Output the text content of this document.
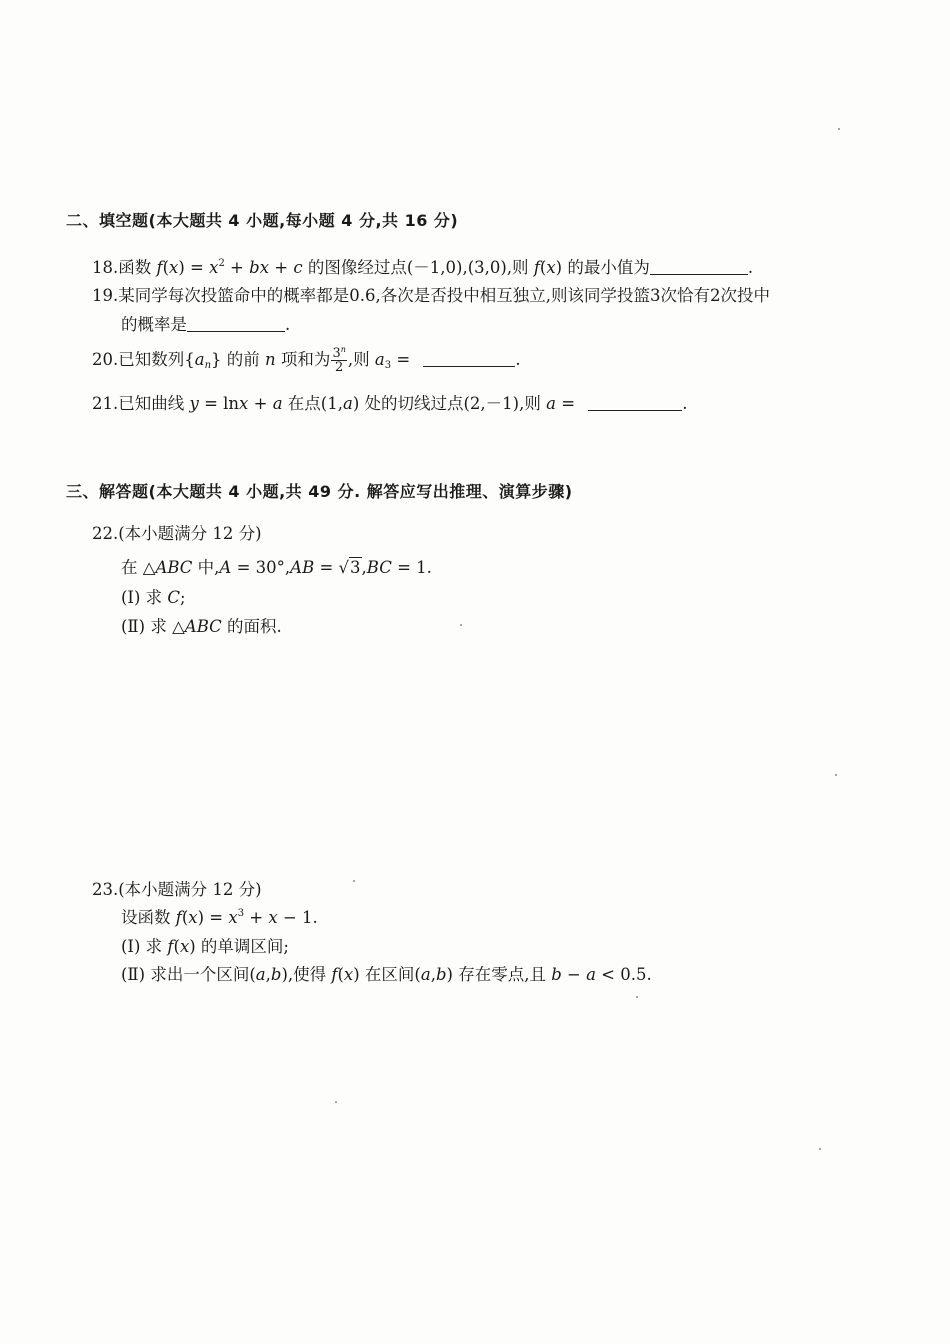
二、填空题(本大题共 4 小题,每小题 4 分,共 16 分)
18.函数 $f(x) = x^2$ + bx + c 的图像经过点(－1,0),(3,0),则 f(x) 的最小值为	.
19.某同学每次投篮命中的概率都是0.6,各次是否投中相互独立,则该同学投篮3次恰有2次投中
的概率是	.
20.已知数列$\{a_n\}$ 的前 n 项和为 $\frac{3^n}{2}$ ,则 $a_3$ =	.
21.已知曲线 y = lnx + a 在点(1,a) 处的切线过点(2,－1),则 a =	.
三、解答题(本大题共 4 小题,共 49 分. 解答应写出推理、演算步骤)
22.(本小题满分 12 分)
在 △ABC 中,A = 30°,AB = √3,BC = 1.
(Ⅰ) 求 C;
(Ⅱ) 求 △ABC 的面积.
23.(本小题满分 12 分)
设函数 $f(x) = x^3 + x - 1$.
(Ⅰ) 求 f(x) 的单调区间;
(Ⅱ) 求出一个区间(a,b),使得 f(x) 在区间(a,b) 存在零点,且 b − a < 0.5.
